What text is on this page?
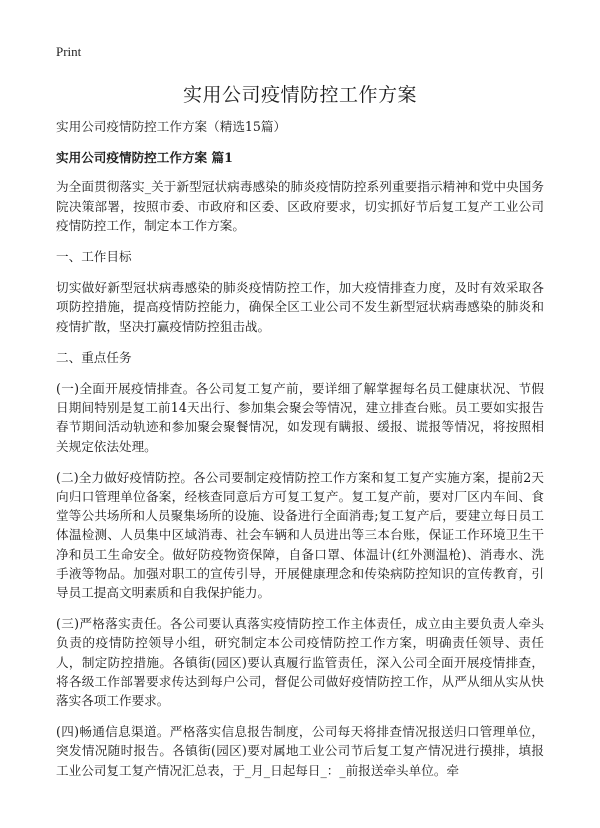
Print
实用公司疫情防控工作方案

实用公司疫情防控工作方案（精选15篇）

实用公司疫情防控工作方案 篇1

为全面贯彻落实_关于新型冠状病毒感染的肺炎疫情防控系列重要指示精神和党中央国务院决策部署，按照市委、市政府和区委、区政府要求，切实抓好节后复工复产工业公司疫情防控工作，制定本工作方案。

一、工作目标

切实做好新型冠状病毒感染的肺炎疫情防控工作，加大疫情排查力度，及时有效采取各项防控措施，提高疫情防控能力，确保全区工业公司不发生新型冠状病毒感染的肺炎和疫情扩散，坚决打赢疫情防控狙击战。

二、重点任务

(一)全面开展疫情排查。各公司复工复产前，要详细了解掌握每名员工健康状况、节假日期间特别是复工前14天出行、参加集会聚会等情况，建立排查台账。员工要如实报告春节期间活动轨迹和参加聚会聚餐情况，如发现有瞒报、缓报、谎报等情况，将按照相关规定依法处理。

(二)全力做好疫情防控。各公司要制定疫情防控工作方案和复工复产实施方案，提前2天向归口管理单位备案，经核查同意后方可复工复产。复工复产前，要对厂区内车间、食堂等公共场所和人员聚集场所的设施、设备进行全面消毒;复工复产后，要建立每日员工体温检测、人员集中区域消毒、社会车辆和人员进出等三本台账，保证工作环境卫生干净和员工生命安全。做好防疫物资保障，自备口罩、体温计(红外测温枪)、消毒水、洗手液等物品。加强对职工的宣传引导，开展健康理念和传染病防控知识的宣传教育，引导员工提高文明素质和自我保护能力。

(三)严格落实责任。各公司要认真落实疫情防控工作主体责任，成立由主要负责人牵头负责的疫情防控领导小组，研究制定本公司疫情防控工作方案，明确责任领导、责任人，制定防控措施。各镇街(园区)要认真履行监管责任，深入公司全面开展疫情排查，将各级工作部署要求传达到每户公司，督促公司做好疫情防控工作，从严从细从实从快落实各项工作要求。

(四)畅通信息渠道。严格落实信息报告制度，公司每天将排查情况报送归口管理单位，突发情况随时报告。各镇街(园区)要对属地工业公司节后复工复产情况进行摸排，填报工业公司复工复产情况汇总表，于_月_日起每日_：_前报送牵头单位。牵
